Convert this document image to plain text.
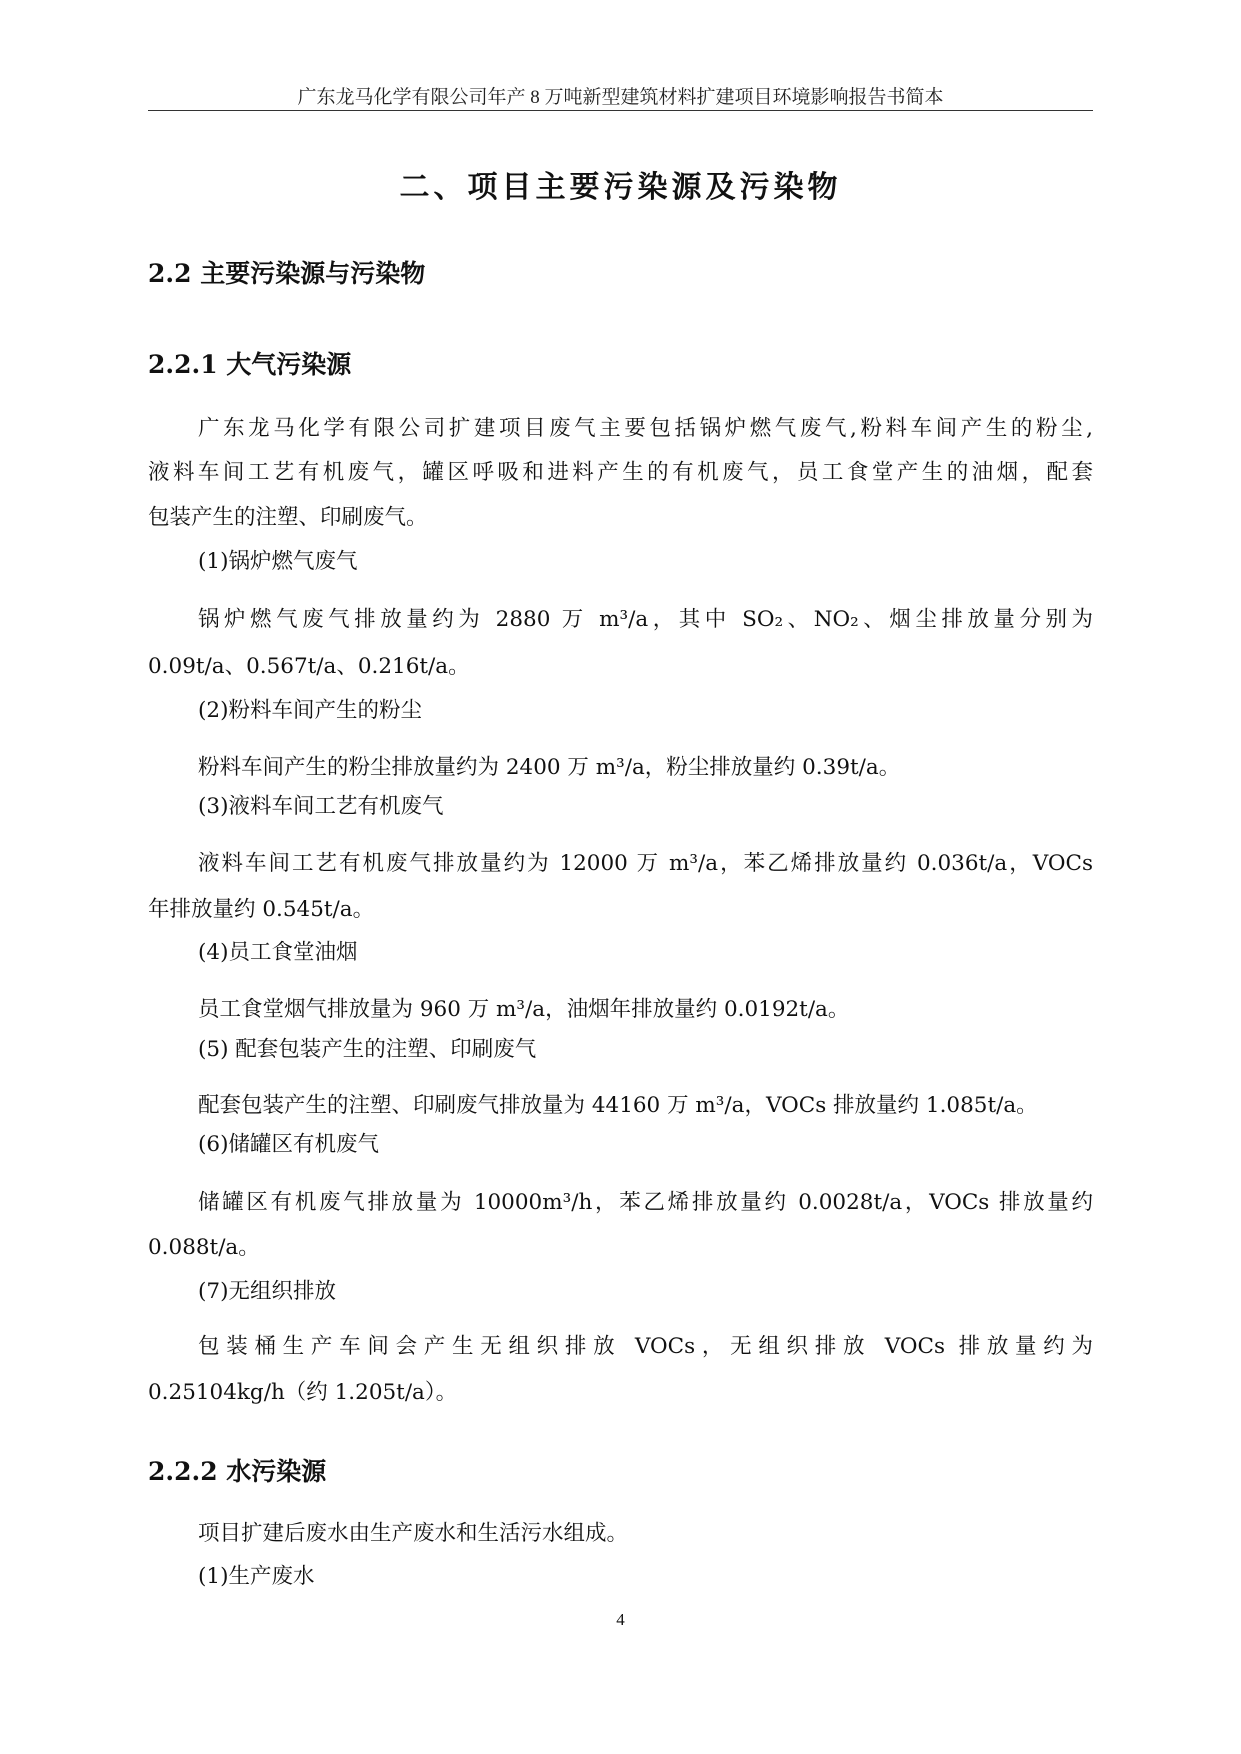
广东龙马化学有限公司年产 8 万吨新型建筑材料扩建项目环境影响报告书简本
二、项目主要污染源及污染物
2.2 主要污染源与污染物
2.2.1 大气污染源
广东龙马化学有限公司扩建项目废气主要包括锅炉燃气废气,粉料车间产生的粉尘,
液料车间工艺有机废气，罐区呼吸和进料产生的有机废气，员工食堂产生的油烟，配套
包装产生的注塑、印刷废气。
(1)锅炉燃气废气
锅炉燃气废气排放量约为 2880 万 m³/a，其中 SO₂、NO₂、烟尘排放量分别为
0.09t/a、0.567t/a、0.216t/a。
(2)粉料车间产生的粉尘
粉料车间产生的粉尘排放量约为 2400 万 m³/a，粉尘排放量约 0.39t/a。
(3)液料车间工艺有机废气
液料车间工艺有机废气排放量约为 12000 万 m³/a，苯乙烯排放量约 0.036t/a，VOCs
年排放量约 0.545t/a。
(4)员工食堂油烟
员工食堂烟气排放量为 960 万 m³/a，油烟年排放量约 0.0192t/a。
(5) 配套包装产生的注塑、印刷废气
配套包装产生的注塑、印刷废气排放量为 44160 万 m³/a，VOCs 排放量约 1.085t/a。
(6)储罐区有机废气
储罐区有机废气排放量为 10000m³/h，苯乙烯排放量约 0.0028t/a，VOCs 排放量约
0.088t/a。
(7)无组织排放
包装桶生产车间会产生无组织排放 VOCs，无组织排放 VOCs 排放量约为
0.25104kg/h（约 1.205t/a）。
2.2.2 水污染源
项目扩建后废水由生产废水和生活污水组成。
(1)生产废水
4
